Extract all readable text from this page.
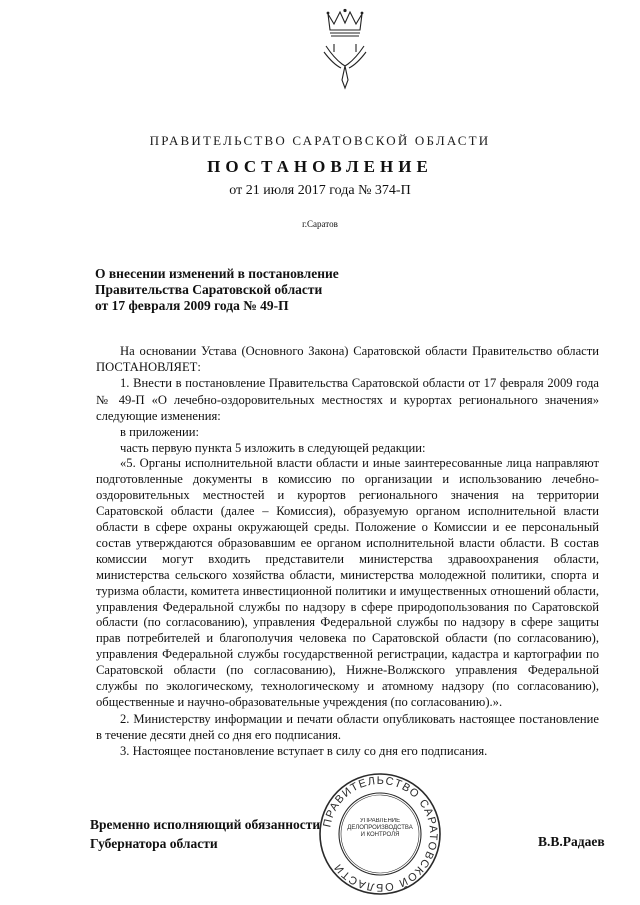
ПРАВИТЕЛЬСТВО САРАТОВСКОЙ ОБЛАСТИ
ПОСТАНОВЛЕНИЕ
от 21 июля 2017 года № 374-П
г.Саратов
О внесении изменений в постановление
Правительства Саратовской области
от 17 февраля 2009 года № 49-П

На основании Устава (Основного Закона) Саратовской области Правительство области ПОСТАНОВЛЯЕТ:

1. Внести в постановление Правительства Саратовской области от 17 февраля 2009 года № 49-П «О лечебно-оздоровительных местностях и курортах регионального значения» следующие изменения:

в приложении:

часть первую пункта 5 изложить в следующей редакции:

«5. Органы исполнительной власти области и иные заинтересованные лица направляют подготовленные документы в комиссию по организации и использованию лечебно-оздоровительных местностей и курортов регионального значения на территории Саратовской области (далее – Комиссия), образуемую органом исполнительной власти области в сфере охраны окружающей среды. Положение о Комиссии и ее персональный состав утверждаются образовавшим ее органом исполнительной власти области. В состав комиссии могут входить представители министерства здравоохранения области, министерства сельского хозяйства области, министерства молодежной политики, спорта и туризма области, комитета инвестиционной политики и имущественных отношений области, управления Федеральной службы по надзору в сфере природопользования по Саратовской области (по согласованию), управления Федеральной службы по надзору в сфере защиты прав потребителей и благополучия человека по Саратовской области (по согласованию), управления Федеральной службы государственной регистрации, кадастра и картографии по Саратовской области (по согласованию), Нижне-Волжского управления Федеральной службы по экологическому, технологическому и атомному надзору (по согласованию), общественные и научно-образовательные учреждения (по согласованию).».

2. Министерству информации и печати области опубликовать настоящее постановление в течение десяти дней со дня его подписания.

3. Настоящее постановление вступает в силу со дня его подписания.

Временно исполняющий обязанности
Губернатора области
ПРАВИТЕЛЬСТВО САРАТОВСКОЙ ОБЛАСТИ
УПРАВЛЕНИЕ ДЕЛОПРОИЗВОДСТВА И КОНТРОЛЯ	В.В.Радаев
